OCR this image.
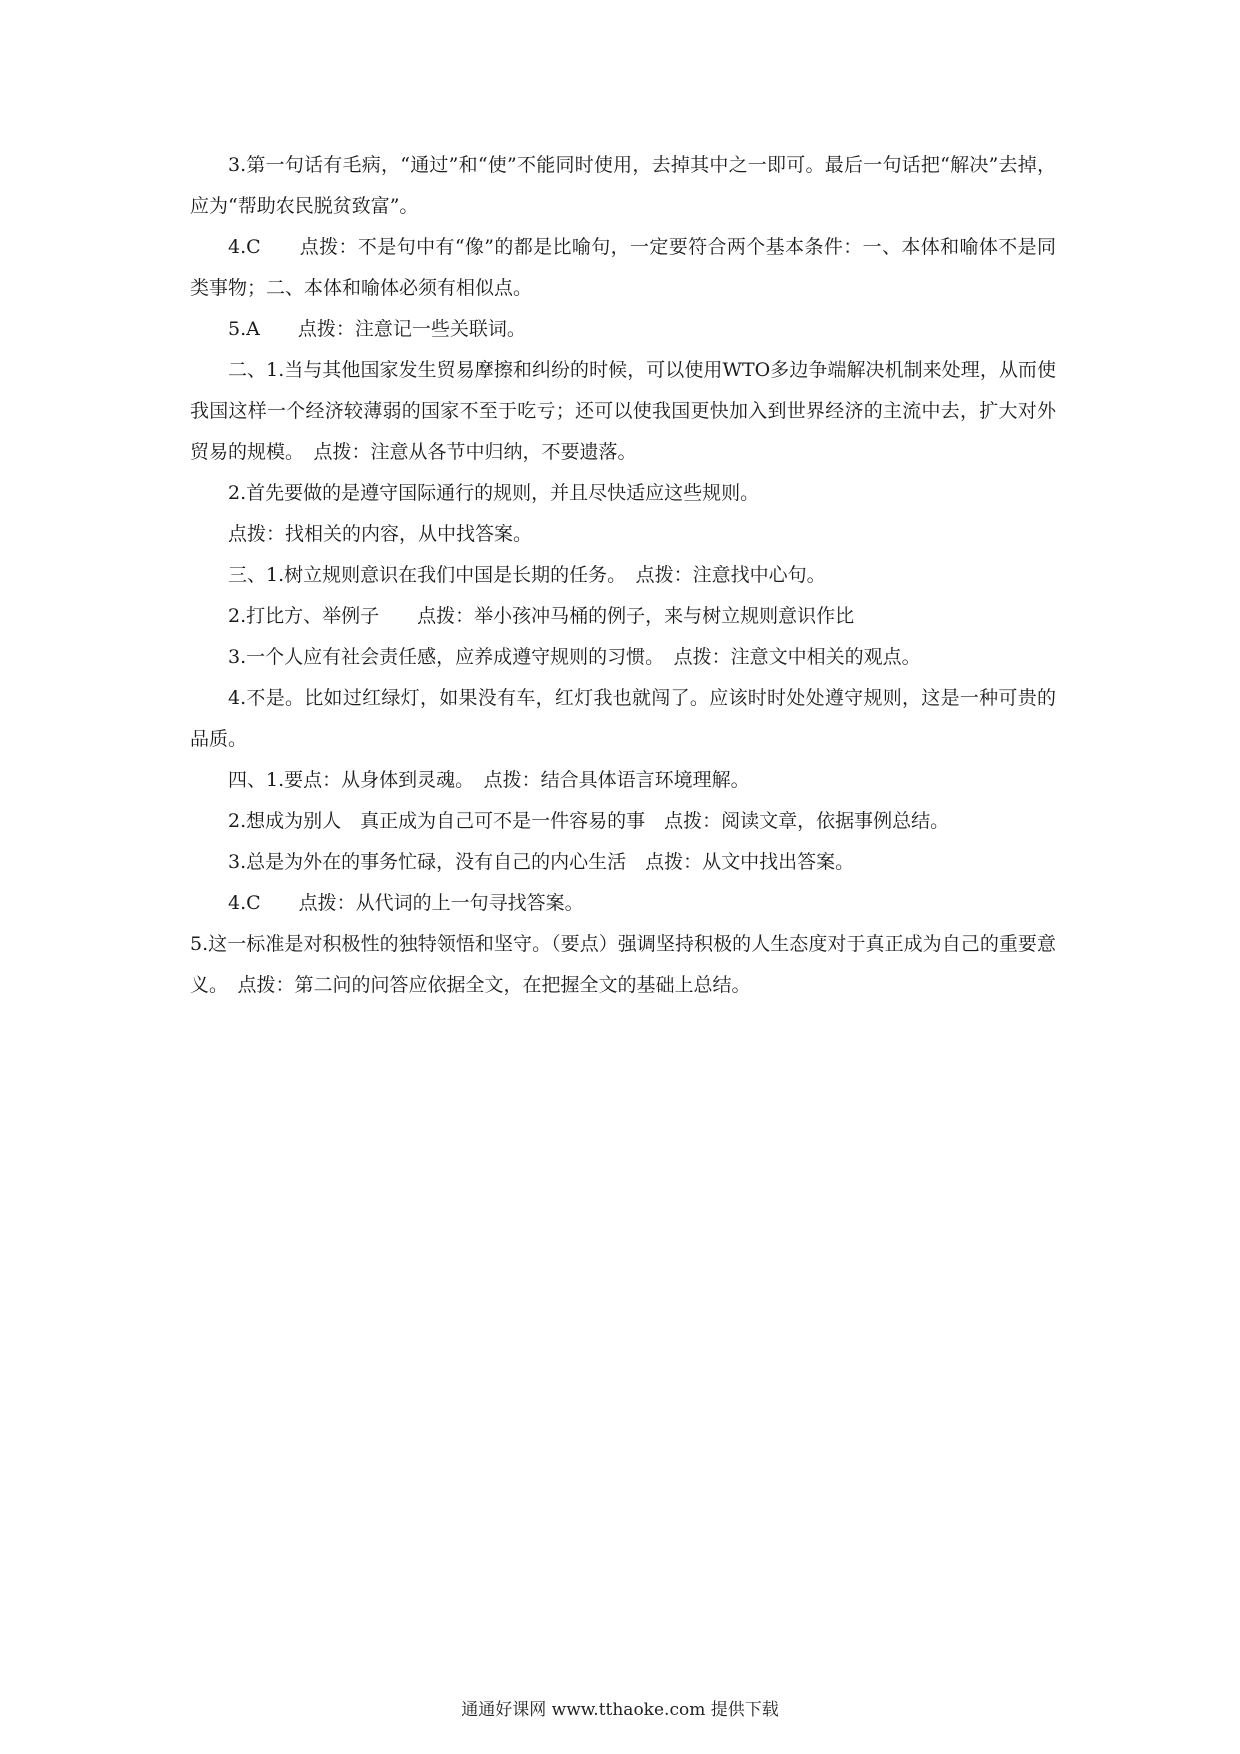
3.第一句话有毛病，“通过”和“使”不能同时使用，去掉其中之一即可。最后一句话把“解决”去掉，应为“帮助农民脱贫致富”。

4.C　　点拨：不是句中有“像”的都是比喻句，一定要符合两个基本条件：一、本体和喻体不是同类事物；二、本体和喻体必须有相似点。

5.A　　点拨：注意记一些关联词。

二、1.当与其他国家发生贸易摩擦和纠纷的时候，可以使用WTO多边争端解决机制来处理，从而使我国这样一个经济较薄弱的国家不至于吃亏；还可以使我国更快加入到世界经济的主流中去，扩大对外贸易的规模。　点拨：注意从各节中归纳，不要遗落。

2.首先要做的是遵守国际通行的规则，并且尽快适应这些规则。

点拨：找相关的内容，从中找答案。

三、1.树立规则意识在我们中国是长期的任务。　点拨：注意找中心句。

2.打比方、举例子　　点拨：举小孩冲马桶的例子，来与树立规则意识作比

3.一个人应有社会责任感，应养成遵守规则的习惯。　点拨：注意文中相关的观点。

4.不是。比如过红绿灯，如果没有车，红灯我也就闯了。应该时时处处遵守规则，这是一种可贵的品质。

四、1.要点：从身体到灵魂。　点拨：结合具体语言环境理解。

2.想成为别人　真正成为自己可不是一件容易的事　点拨：阅读文章，依据事例总结。

3.总是为外在的事务忙碌，没有自己的内心生活　点拨：从文中找出答案。

4.C　　点拨：从代词的上一句寻找答案。

5.这一标准是对积极性的独特领悟和坚守。（要点）强调坚持积极的人生态度对于真正成为自己的重要意义。　点拨：第二问的问答应依据全文，在把握全文的基础上总结。

通通好课网 www.tthaoke.com 提供下载
